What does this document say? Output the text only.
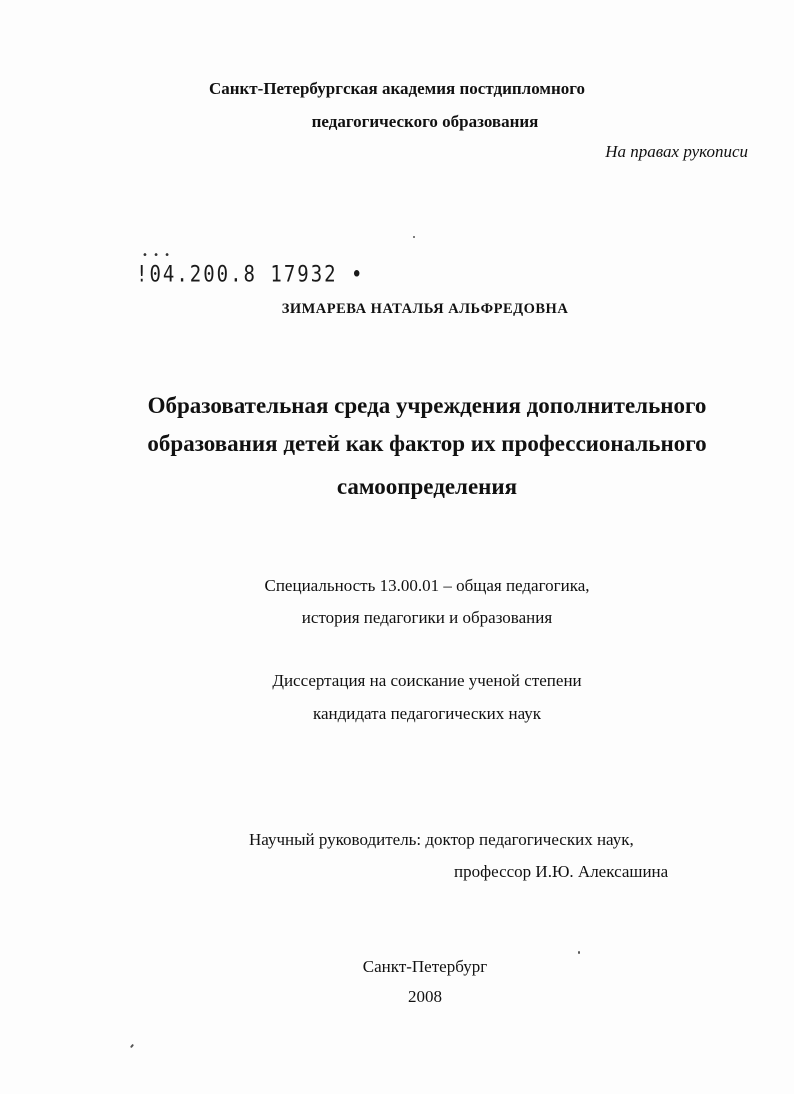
Санкт-Петербургская академия постдипломного
педагогического образования
На правах рукописи
• • •
!04.200.8 17932 •
ЗИМАРЕВА НАТАЛЬЯ АЛЬФРЕДОВНА
Образовательная среда учреждения дополнительного
образования детей как фактор их профессионального
самоопределения
Специальность 13.00.01 – общая педагогика,
история педагогики и образования
Диссертация на соискание ученой степени
кандидата педагогических наук
Научный руководитель: доктор педагогических наук,
профессор И.Ю. Алексашина
Санкт-Петербург
2008
